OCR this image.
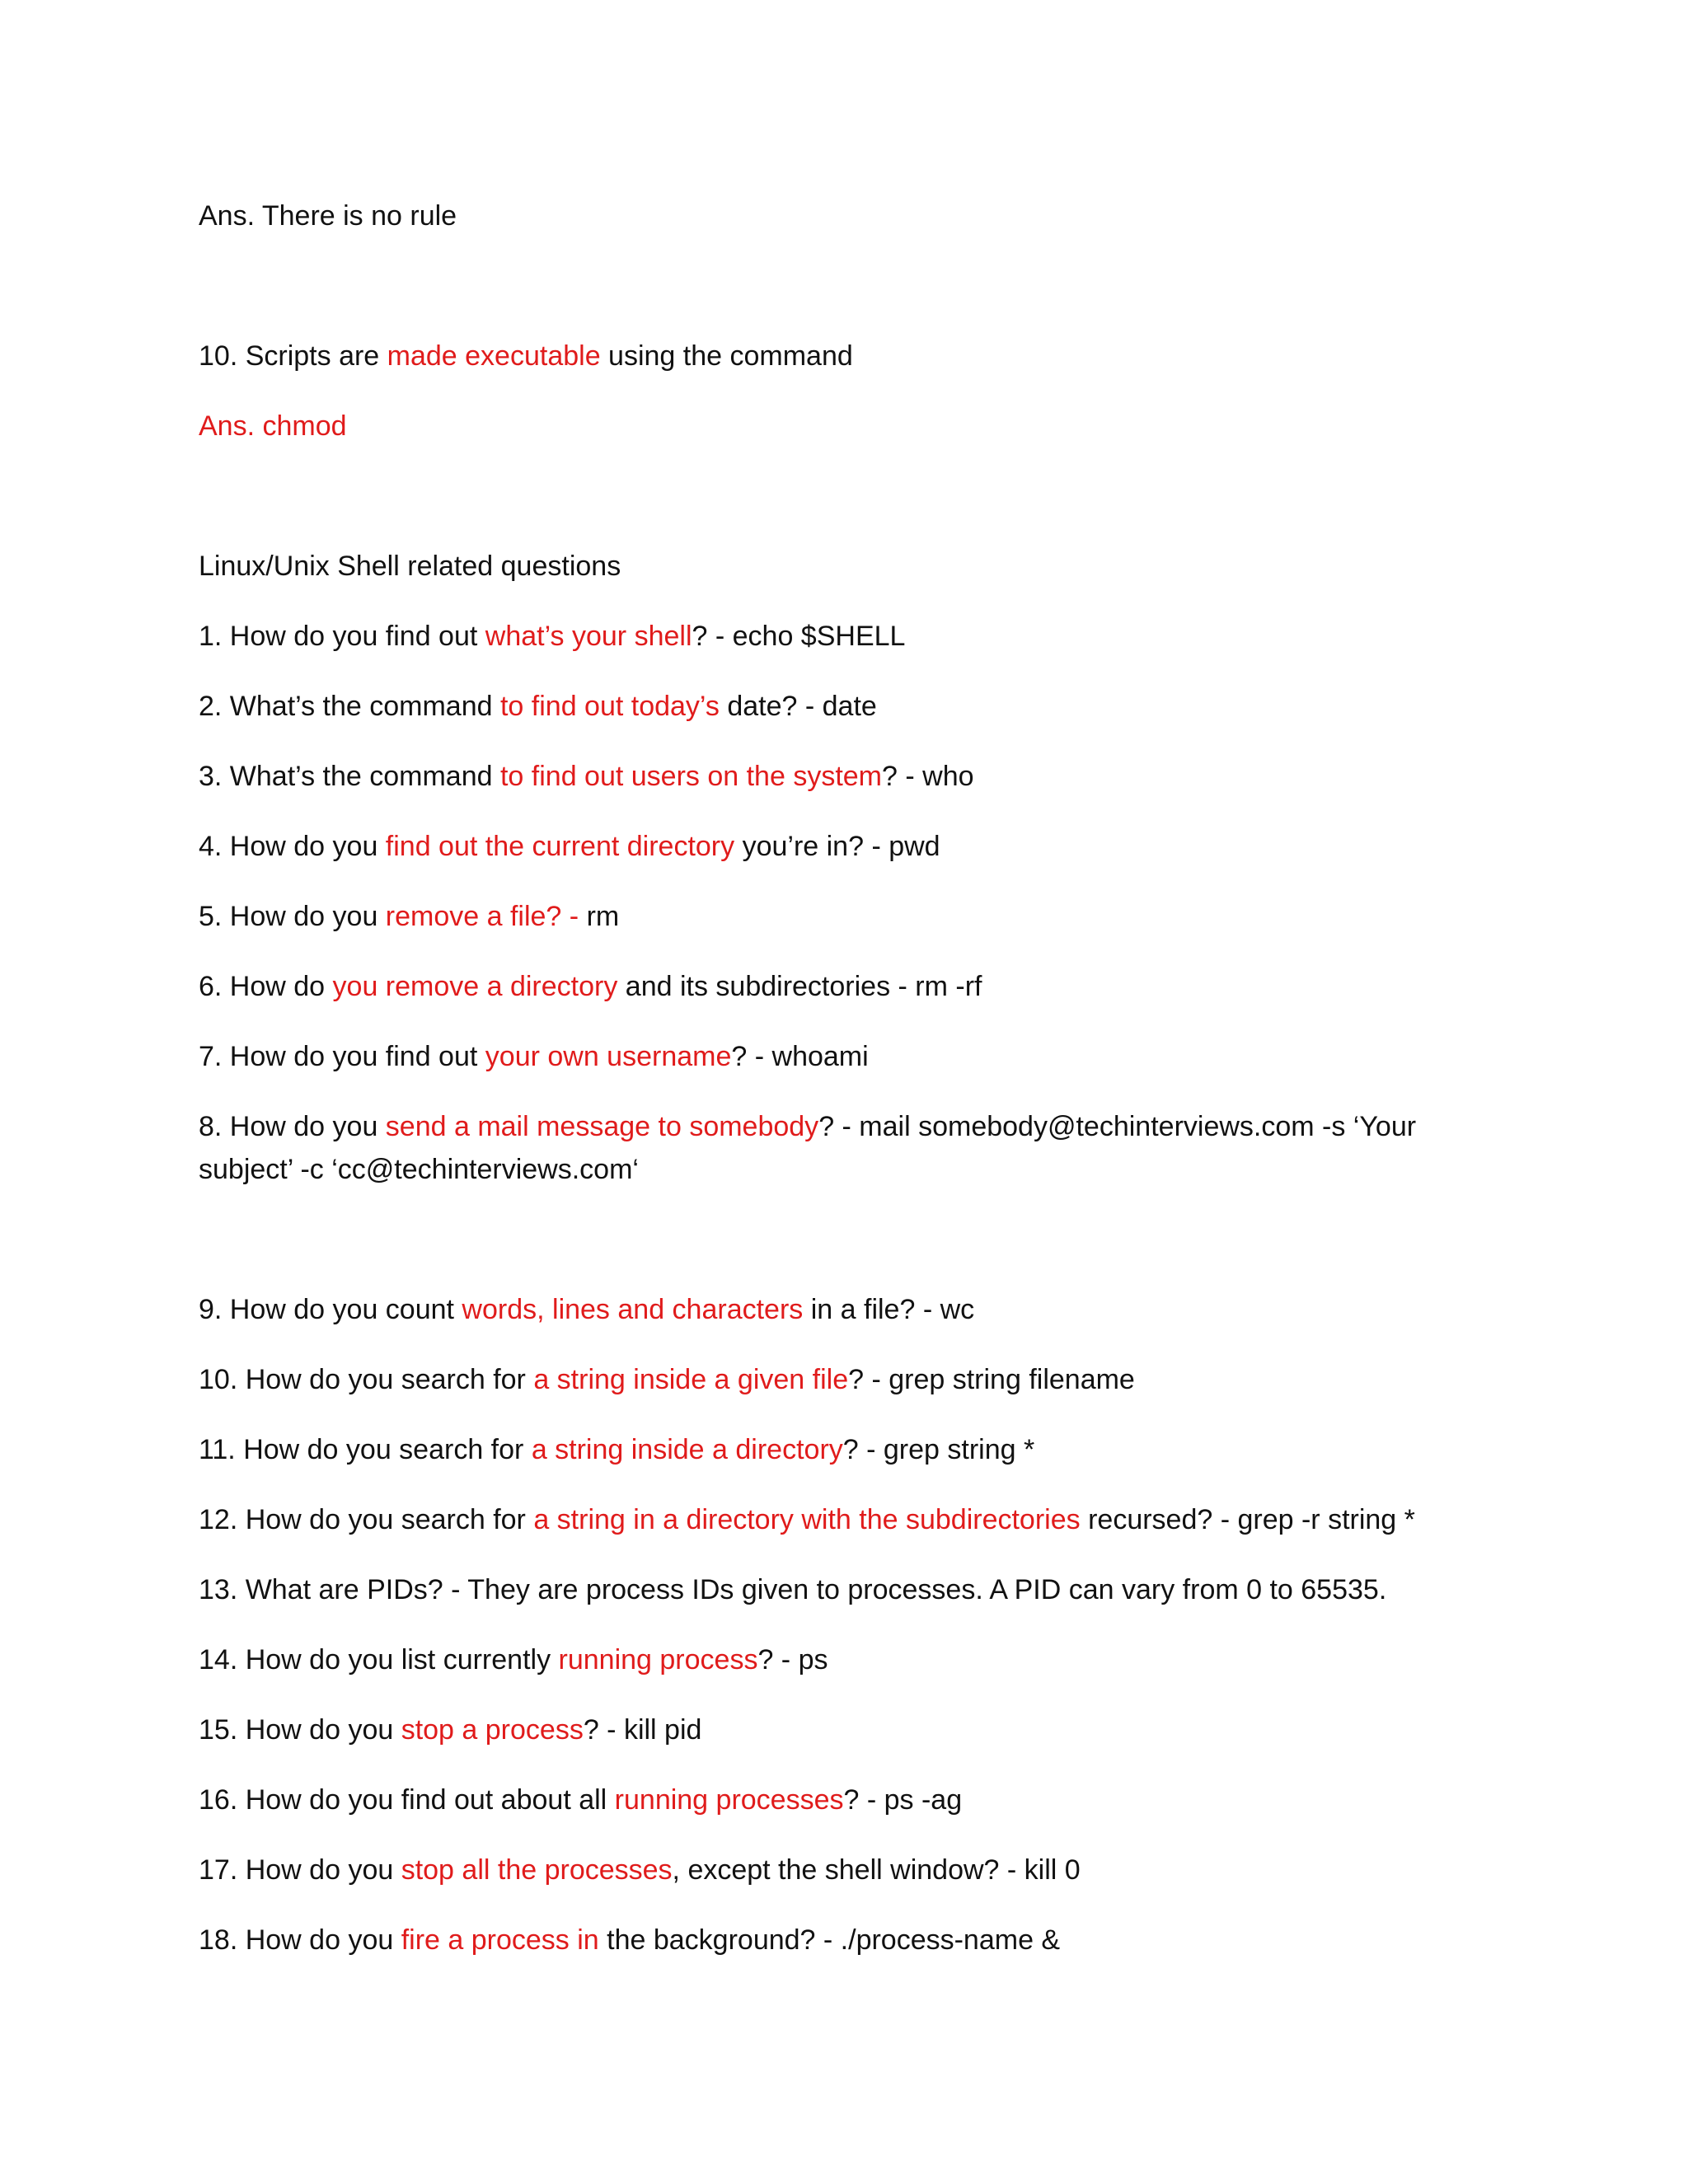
Ans. There is no rule
10. Scripts are made executable using the command
Ans. chmod
Linux/Unix Shell related questions
1. How do you find out what’s your shell? - echo $SHELL
2. What’s the command to find out today’s date? - date
3. What’s the command to find out users on the system? - who
4. How do you find out the current directory you’re in? - pwd
5. How do you remove a file? - rm
6. How do you remove a directory and its subdirectories - rm -rf
7. How do you find out your own username? - whoami
8. How do you send a mail message to somebody? - mail somebody@techinterviews.com -s ‘Your subject’ -c ‘cc@techinterviews.com‘
9. How do you count words, lines and characters in a file? - wc
10. How do you search for a string inside a given file? - grep string filename
11. How do you search for a string inside a directory? - grep string *
12. How do you search for a string in a directory with the subdirectories recursed? - grep -r string *
13. What are PIDs? - They are process IDs given to processes. A PID can vary from 0 to 65535.
14. How do you list currently running process? - ps
15. How do you stop a process? - kill pid
16. How do you find out about all running processes? - ps -ag
17. How do you stop all the processes, except the shell window? - kill 0
18. How do you fire a process in the background? - ./process-name &
